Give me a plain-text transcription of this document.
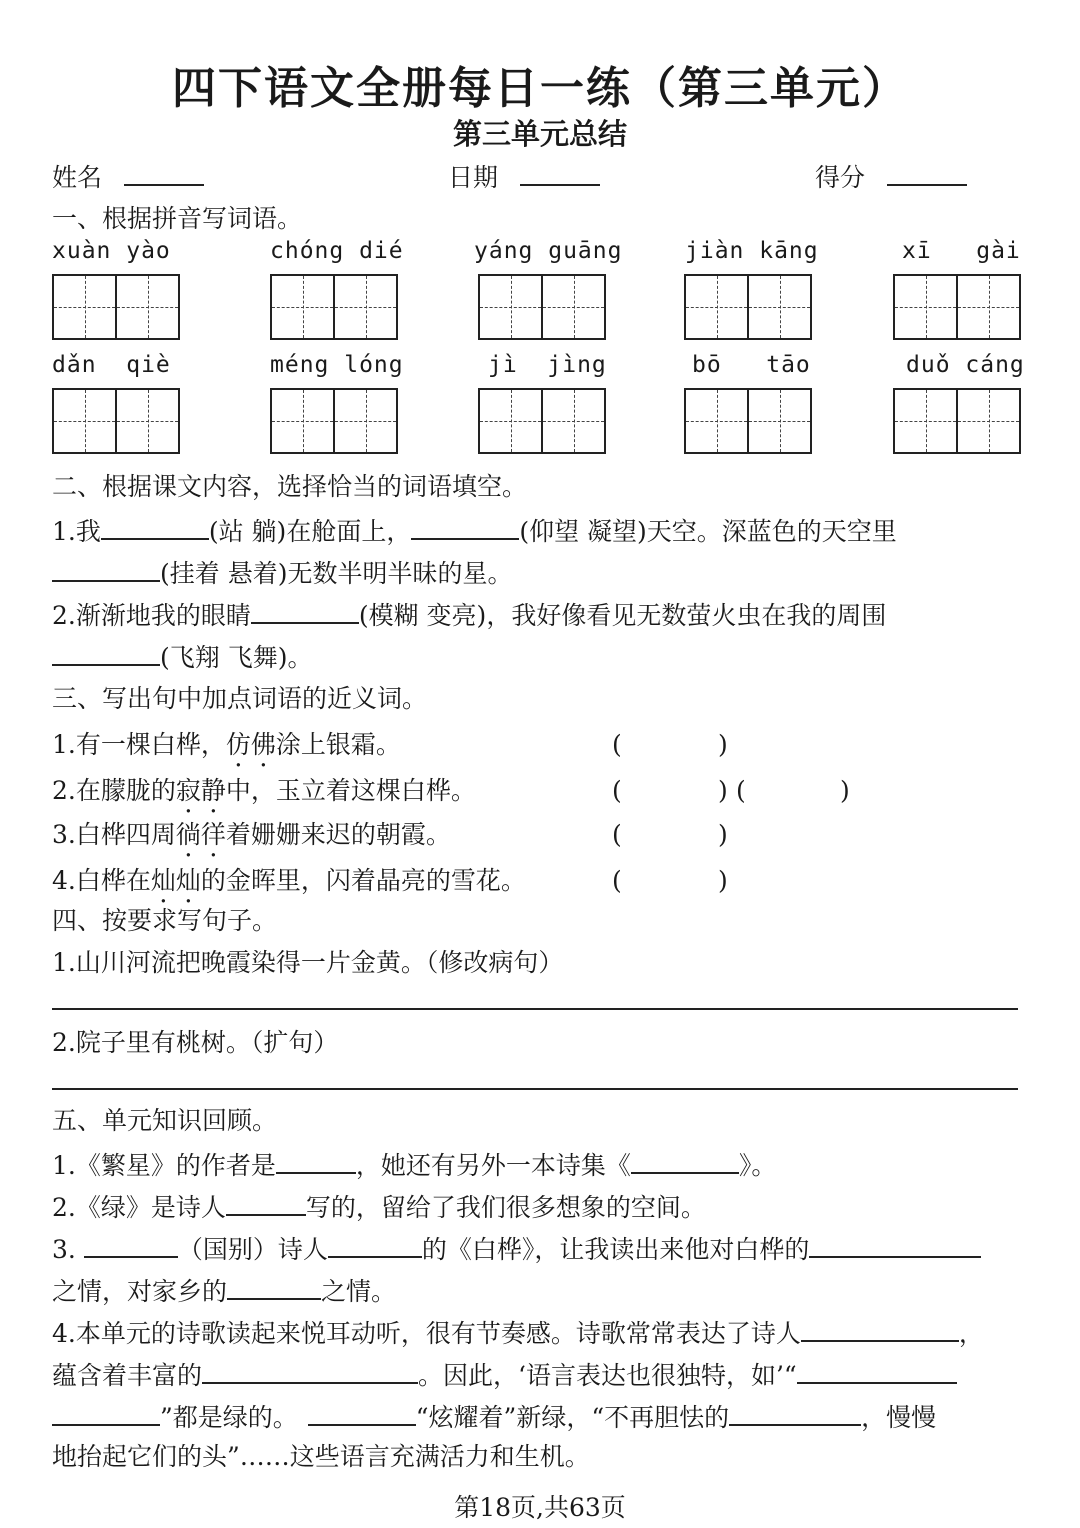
四下语文全册每日一练（第三单元）
第三单元总结
姓名	日期	得分
一、根据拼音写词语。
xuàn yào	chóng dié	yáng guāng	jiàn kāng	xī   gài
dǎn  qiè	méng lóng	jì  jìng	bō   tāo	duǒ cáng
二、根据课文内容，选择恰当的词语填空。
1.我	(站 躺)在舱面上，	(仰望 凝望)天空。深蓝色的天空里
(挂着 悬着)无数半明半昧的星。
2.渐渐地我的眼睛	(模糊 变亮)，我好像看见无数萤火虫在我的周围
(飞翔 飞舞)。
三、写出句中加点词语的近义词。
1.有一棵白桦，仿佛涂上银霜。	(	)
2.在朦胧的寂静中，玉立着这棵白桦。	(	) (	)
3.白桦四周徜徉着姗姗来迟的朝霞。	(	)
4.白桦在灿灿的金晖里，闪着晶亮的雪花。	(	)
四、按要求写句子。
1.山川河流把晚霞染得一片金黄。（修改病句）
2.院子里有桃树。（扩句）
五、单元知识回顾。
1.《繁星》的作者是	，她还有另外一本诗集《	》。
2.《绿》是诗人	写的，留给了我们很多想象的空间。
3.	（国别）诗人	的《白桦》，让我读出来他对白桦的
之情，对家乡的	之情。
4.本单元的诗歌读起来悦耳动听，很有节奏感。诗歌常常表达了诗人	，
蕴含着丰富的	。因此，‘语言表达也很独特，如’“
”都是绿的。	“炫耀着”新绿，“不再胆怯的	，慢慢
地抬起它们的头”……这些语言充满活力和生机。
第18页,共63页
